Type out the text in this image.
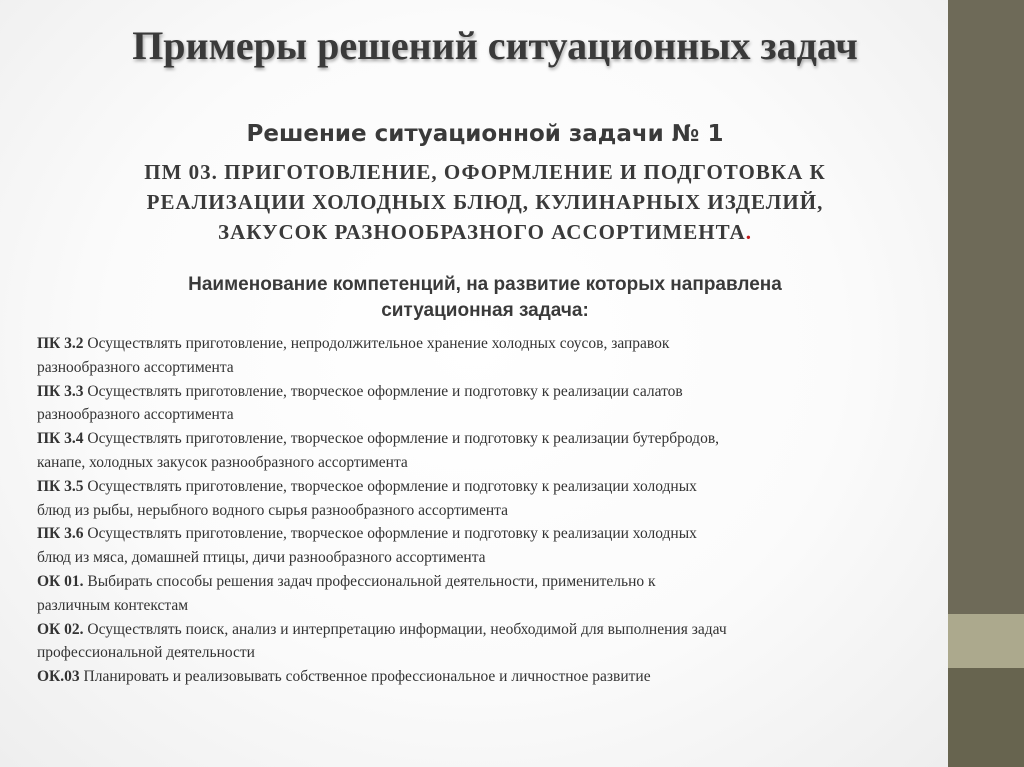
Примеры решений ситуационных задач
Решение ситуационной задачи № 1
ПМ 03. ПРИГОТОВЛЕНИЕ, ОФОРМЛЕНИЕ И ПОДГОТОВКА К
РЕАЛИЗАЦИИ ХОЛОДНЫХ БЛЮД, КУЛИНАРНЫХ ИЗДЕЛИЙ,
ЗАКУСОК РАЗНООБРАЗНОГО АССОРТИМЕНТА.
Наименование компетенций, на развитие которых направлена
ситуационная задача:

ПК 3.2 Осуществлять приготовление, непродолжительное хранение холодных соусов, заправок
разнообразного ассортимента

ПК 3.3 Осуществлять приготовление, творческое оформление и подготовку к реализации салатов
разнообразного ассортимента

ПК 3.4 Осуществлять приготовление, творческое оформление и подготовку к реализации бутербродов,
канапе, холодных закусок разнообразного ассортимента

ПК 3.5 Осуществлять приготовление, творческое оформление и подготовку к реализации холодных
блюд из рыбы, нерыбного водного сырья разнообразного ассортимента

ПК 3.6 Осуществлять приготовление, творческое оформление и подготовку к реализации холодных
блюд из мяса, домашней птицы, дичи разнообразного ассортимента

ОК 01. Выбирать способы решения задач профессиональной деятельности, применительно к
различным контекстам

ОК 02. Осуществлять поиск, анализ и интерпретацию информации, необходимой для выполнения задач
профессиональной деятельности

ОК.03 Планировать и реализовывать собственное профессиональное и личностное развитие
